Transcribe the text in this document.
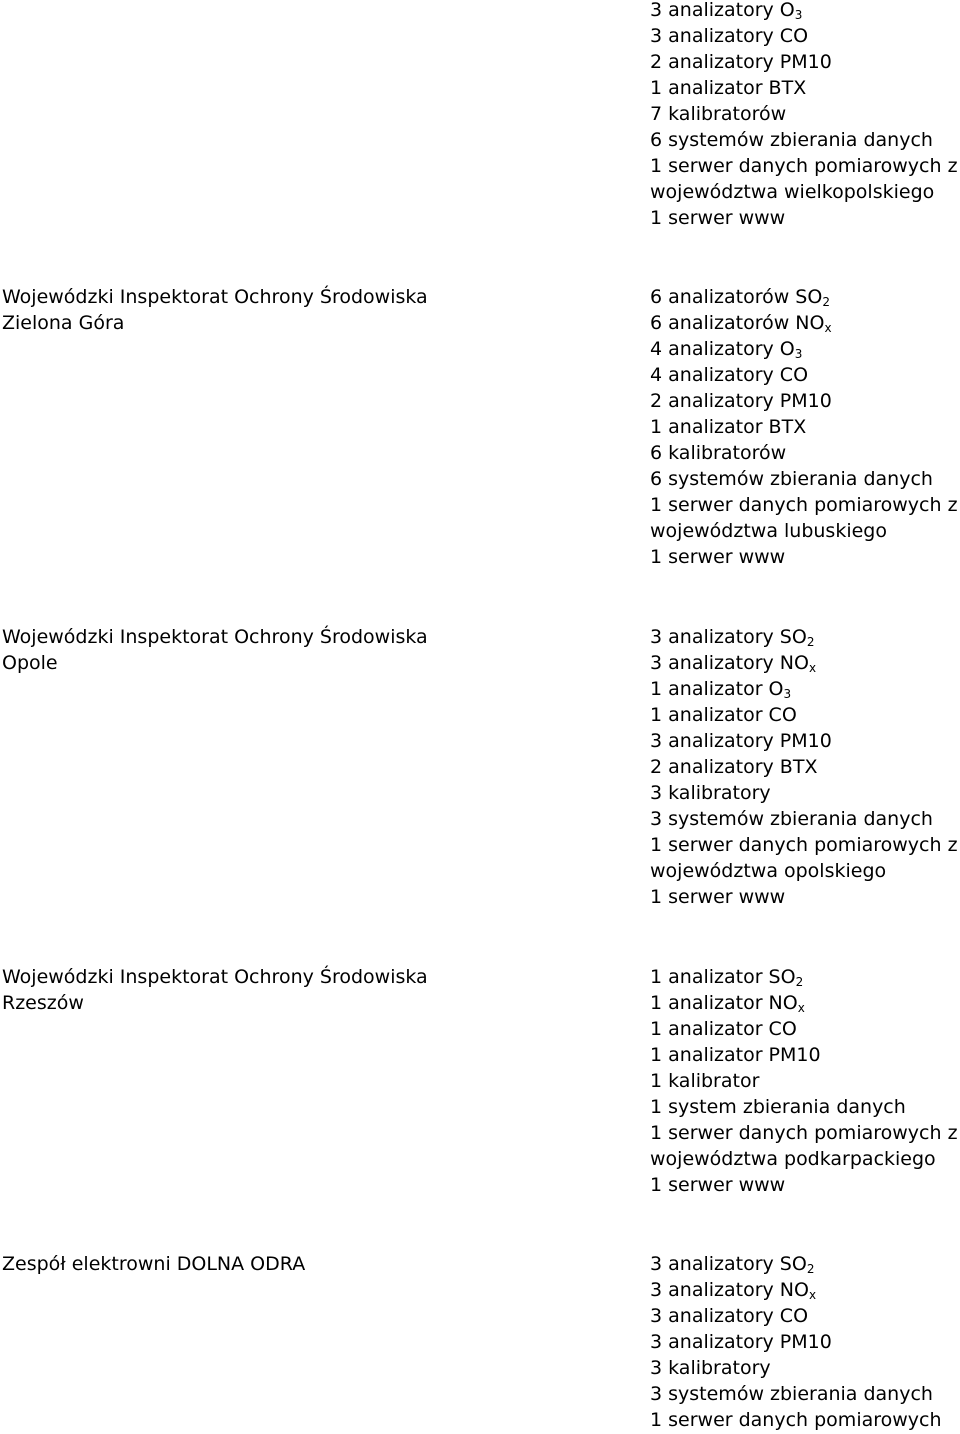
3 analizatory $O_3$
3 analizatory CO
2 analizatory PM10
1 analizator BTX
7 kalibratorów
6 systemów zbierania danych
1 serwer danych pomiarowych z
województwa wielkopolskiego
1 serwer www
Wojewódzki Inspektorat Ochrony Środowiska
Zielona Góra
6 analizatorów $SO_2$
6 analizatorów $NO_x$
4 analizatory $O_3$
4 analizatory CO
2 analizatory PM10
1 analizator BTX
6 kalibratorów
6 systemów zbierania danych
1 serwer danych pomiarowych z
województwa lubuskiego
1 serwer www
Wojewódzki Inspektorat Ochrony Środowiska
Opole
3 analizatory $SO_2$
3 analizatory $NO_x$
1 analizator $O_3$
1 analizator CO
3 analizatory PM10
2 analizatory BTX
3 kalibratory
3 systemów zbierania danych
1 serwer danych pomiarowych z
województwa opolskiego
1 serwer www
Wojewódzki Inspektorat Ochrony Środowiska
Rzeszów
1 analizator $SO_2$
1 analizator $NO_x$
1 analizator CO
1 analizator PM10
1 kalibrator
1 system zbierania danych
1 serwer danych pomiarowych z
województwa podkarpackiego
1 serwer www
Zespół elektrowni DOLNA ODRA	3 analizatory $SO_2$
3 analizatory $NO_x$
3 analizatory CO
3 analizatory PM10
3 kalibratory
3 systemów zbierania danych
1 serwer danych pomiarowych
